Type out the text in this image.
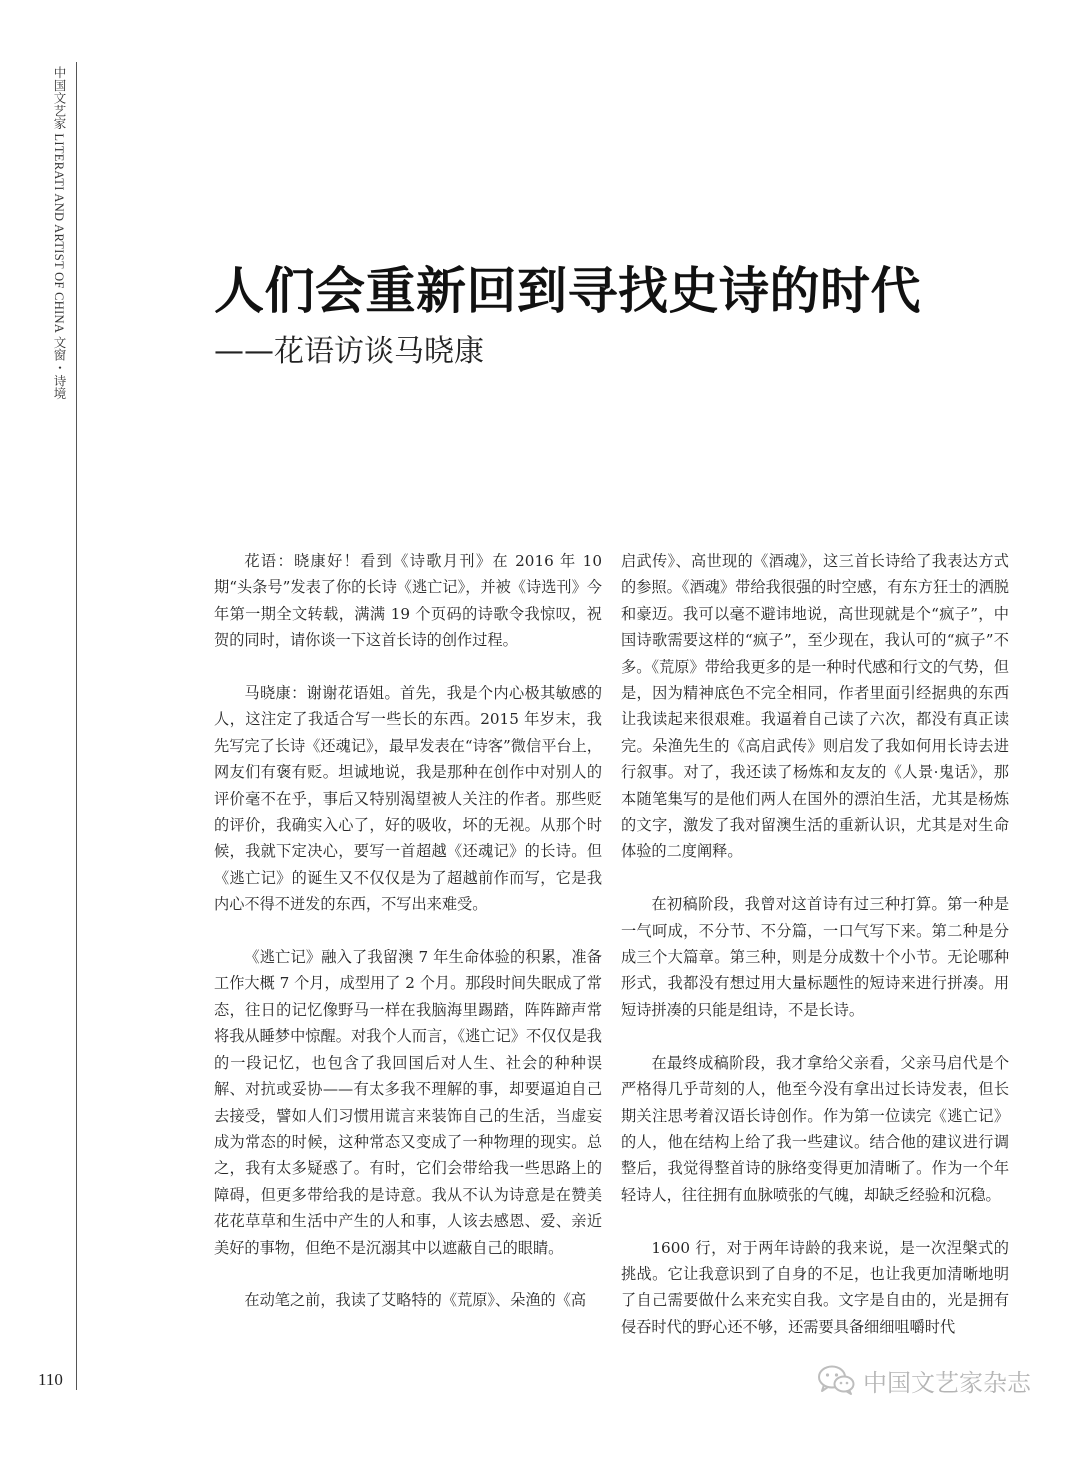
中国文艺家 LITERATI AND ARTIST OF CHINA 文窗・诗境
110
人们会重新回到寻找史诗的时代
——花语访谈马晓康

花语：晓康好！看到《诗歌月刊》在 2016 年 10 期“头条号”发表了你的长诗《逃亡记》，并被《诗选刊》今年第一期全文转载，满满 19 个页码的诗歌令我惊叹，祝贺的同时，请你谈一下这首长诗的创作过程。

马晓康：谢谢花语姐。首先，我是个内心极其敏感的人，这注定了我适合写一些长的东西。2015 年岁末，我先写完了长诗《还魂记》，最早发表在“诗客”微信平台上，网友们有褒有贬。坦诚地说，我是那种在创作中对别人的评价毫不在乎，事后又特别渴望被人关注的作者。那些贬的评价，我确实入心了，好的吸收，坏的无视。从那个时候，我就下定决心，要写一首超越《还魂记》的长诗。但《逃亡记》的诞生又不仅仅是为了超越前作而写，它是我内心不得不迸发的东西，不写出来难受。

《逃亡记》融入了我留澳 7 年生命体验的积累，准备工作大概 7 个月，成型用了 2 个月。那段时间失眠成了常态，往日的记忆像野马一样在我脑海里踢踏，阵阵蹄声常将我从睡梦中惊醒。对我个人而言，《逃亡记》不仅仅是我的一段记忆，也包含了我回国后对人生、社会的种种误解、对抗或妥协——有太多我不理解的事，却要逼迫自己去接受，譬如人们习惯用谎言来装饰自己的生活，当虚妄成为常态的时候，这种常态又变成了一种物理的现实。总之，我有太多疑惑了。有时，它们会带给我一些思路上的障碍，但更多带给我的是诗意。我从不认为诗意是在赞美花花草草和生活中产生的人和事，人该去感恩、爱、亲近美好的事物，但绝不是沉溺其中以遮蔽自己的眼睛。

在动笔之前，我读了艾略特的《荒原》、朵渔的《高

启武传》、高世现的《酒魂》，这三首长诗给了我表达方式的参照。《酒魂》带给我很强的时空感，有东方狂士的洒脱和豪迈。我可以毫不避讳地说，高世现就是个“疯子”，中国诗歌需要这样的“疯子”，至少现在，我认可的“疯子”不多。《荒原》带给我更多的是一种时代感和行文的气势，但是，因为精神底色不完全相同，作者里面引经据典的东西让我读起来很艰难。我逼着自己读了六次，都没有真正读完。朵渔先生的《高启武传》则启发了我如何用长诗去进行叙事。对了，我还读了杨炼和友友的《人景·鬼话》，那本随笔集写的是他们两人在国外的漂泊生活，尤其是杨炼的文字，激发了我对留澳生活的重新认识，尤其是对生命体验的二度阐释。

在初稿阶段，我曾对这首诗有过三种打算。第一种是一气呵成，不分节、不分篇，一口气写下来。第二种是分成三个大篇章。第三种，则是分成数十个小节。无论哪种形式，我都没有想过用大量标题性的短诗来进行拼凑。用短诗拼凑的只能是组诗，不是长诗。

在最终成稿阶段，我才拿给父亲看，父亲马启代是个严格得几乎苛刻的人，他至今没有拿出过长诗发表，但长期关注思考着汉语长诗创作。作为第一位读完《逃亡记》的人，他在结构上给了我一些建议。结合他的建议进行调整后，我觉得整首诗的脉络变得更加清晰了。作为一个年轻诗人，往往拥有血脉喷张的气魄，却缺乏经验和沉稳。

1600 行，对于两年诗龄的我来说，是一次涅槃式的挑战。它让我意识到了自身的不足，也让我更加清晰地明了自己需要做什么来充实自我。文字是自由的，光是拥有侵吞时代的野心还不够，还需要具备细细咀嚼时代

中国文艺家杂志
